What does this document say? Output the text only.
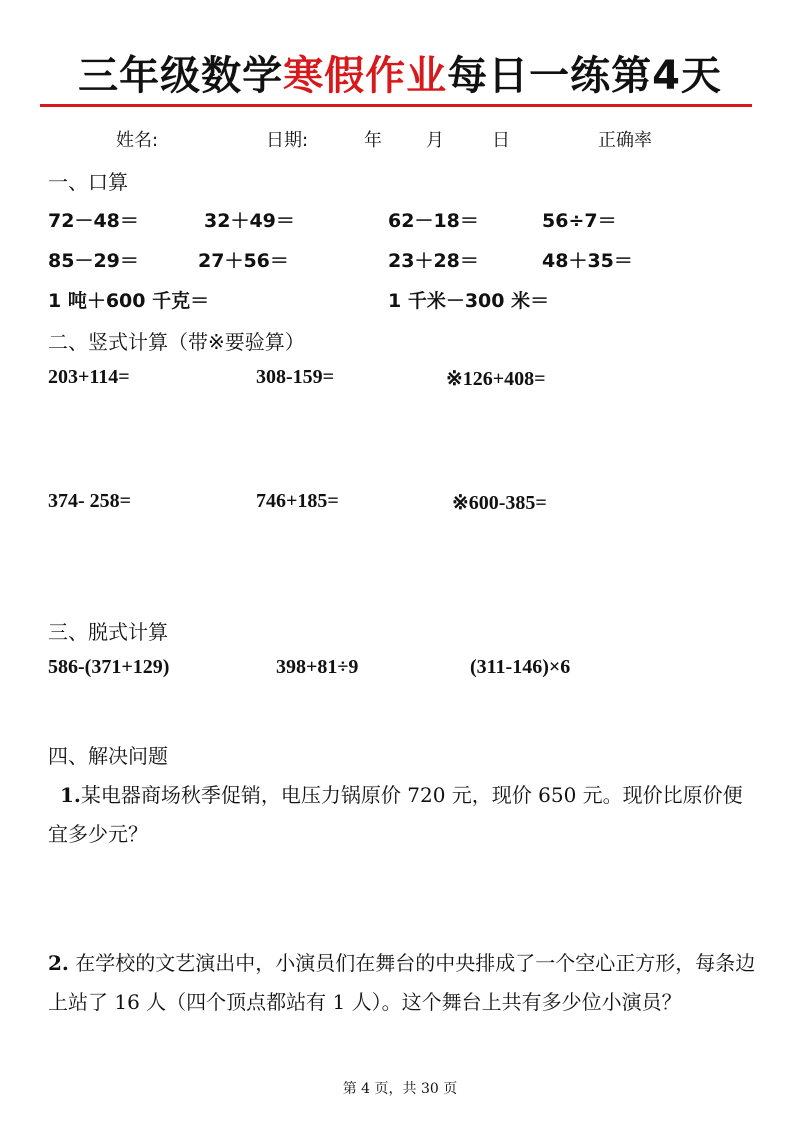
三年级数学寒假作业每日一练第4天
姓名:	日期:	年 月	日	正确率
一、口算
72－48＝	32＋49＝	62－18＝	56÷7＝
85－29＝	27＋56＝	23＋28＝	48＋35＝
1 吨＋600 千克＝	1 千米－300 米＝
二、竖式计算（带※要验算）
203+114=	308-159=	※126+408=
374- 258=	746+185=	※600-385=
三、脱式计算
586-(371+129)	398+81÷9	(311-146)×6
四、解决问题
1.某电器商场秋季促销，电压力锅原价 720 元，现价 650 元。现价比原价便宜多少元？
2. 在学校的文艺演出中，小演员们在舞台的中央排成了一个空心正方形，每条边上站了 16 人（四个顶点都站有 1 人）。这个舞台上共有多少位小演员？
第 4 页，共 30 页
